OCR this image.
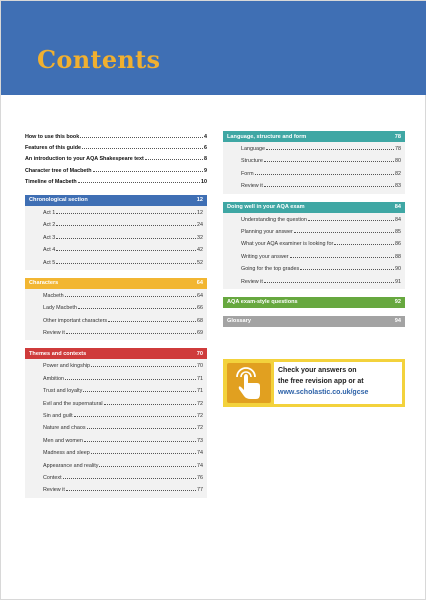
Contents
How to use this book	4
Features of this guide	6
An introduction to your AQA Shakespeare text	8
Character tree of Macbeth	9
Timeline of Macbeth	10
Chronological section	12
Act 1	12
Act 2	24
Act 3	32
Act 4	42
Act 5	52
Characters	64
Macbeth	64
Lady Macbeth	66
Other important characters	68
Review it	69
Themes and contexts	70
Power and kingship	70
Ambition	71
Trust and loyalty	71
Evil and the supernatural	72
Sin and guilt	72
Nature and chaos	72
Men and women	73
Madness and sleep	74
Appearance and reality	74
Context	76
Review it	77
Language, structure and form	78
Language	78
Structure	80
Form	82
Review it	83
Doing well in your AQA exam	84
Understanding the question	84
Planning your answer	85
What your AQA examiner is looking for	86
Writing your answer	88
Going for the top grades	90
Review it	91
AQA exam-style questions	92
Glossary	94
Check your answers on
the free revision app or at
www.scholastic.co.uk/gcse
